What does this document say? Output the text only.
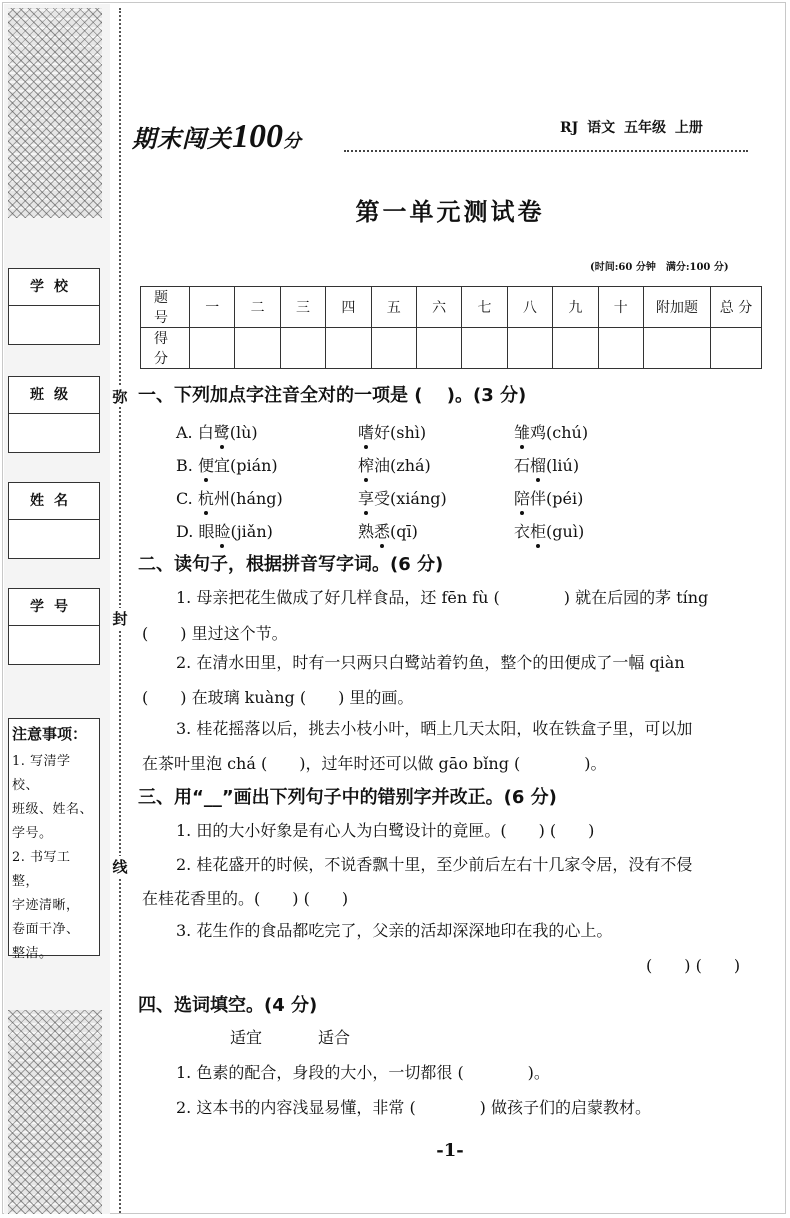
弥
封
线
学校
班级
姓名
学号
注意事项：
1. 写清学校、
班级、姓名、
学号。
2. 书写工整，
字迹清晰，
卷面干净、
整洁。
期末闯关100分
RJ 语文 五年级 上册
第一单元测试卷
(时间:60 分钟　满分:100 分)
题 号	一	二	三	四	五	六	七	八	九	十	附加题	总 分
得 分												
一、下列加点字注音全对的一项是 (　 )。(3 分)
A. 白鹭(lù)	嗜好(shì)	雏鸡(chú)
B. 便宜(pián)	榨油(zhá)	石榴(liú)
C. 杭州(háng)	享受(xiáng)	陪伴(péi)
D. 眼睑(jiǎn)	熟悉(qī)	衣柜(guì)
二、读句子，根据拼音写字词。(6 分)
1. 母亲把花生做成了好几样食品，还 fēn fù (　　　　) 就在后园的茅 tíng
(　　) 里过这个节。
2. 在清水田里，时有一只两只白鹭站着钓鱼，整个的田便成了一幅 qiàn
(　　) 在玻璃 kuàng (　　) 里的画。
3. 桂花摇落以后，挑去小枝小叶，晒上几天太阳，收在铁盒子里，可以加
在茶叶里泡 chá (　　)，过年时还可以做 gāo bǐng (　　　　)。
三、用“__”画出下列句子中的错别字并改正。(6 分)
1. 田的大小好象是有心人为白鹭设计的竟匣。(　　) (　　)
2. 桂花盛开的时候，不说香飘十里，至少前后左右十几家令居，没有不侵
在桂花香里的。(　　) (　　)
3. 花生作的食品都吃完了，父亲的活却深深地印在我的心上。
(　　) (　　)
四、选词填空。(4 分)
适宜	适合
1. 色素的配合，身段的大小，一切都很 (　　　　)。
2. 这本书的内容浅显易懂，非常 (　　　　) 做孩子们的启蒙教材。
-1-
